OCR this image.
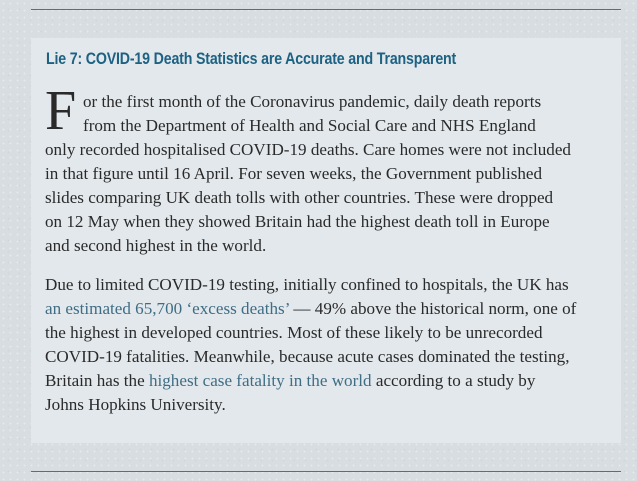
Lie 7: COVID-19 Death Statistics are Accurate and Transparent

F or the first month of the Coronavirus pandemic, daily death reports
from the Department of Health and Social Care and NHS England
only recorded hospitalised COVID-19 deaths. Care homes were not included
in that figure until 16 April. For seven weeks, the Government published
slides comparing UK death tolls with other countries. These were dropped
on 12 May when they showed Britain had the highest death toll in Europe
and second highest in the world.

Due to limited COVID-19 testing, initially confined to hospitals, the UK has
an estimated 65,700 ‘excess deaths’ — 49% above the historical norm, one of
the highest in developed countries. Most of these likely to be unrecorded
COVID-19 fatalities. Meanwhile, because acute cases dominated the testing,
Britain has the highest case fatality in the world according to a study by
Johns Hopkins University.
